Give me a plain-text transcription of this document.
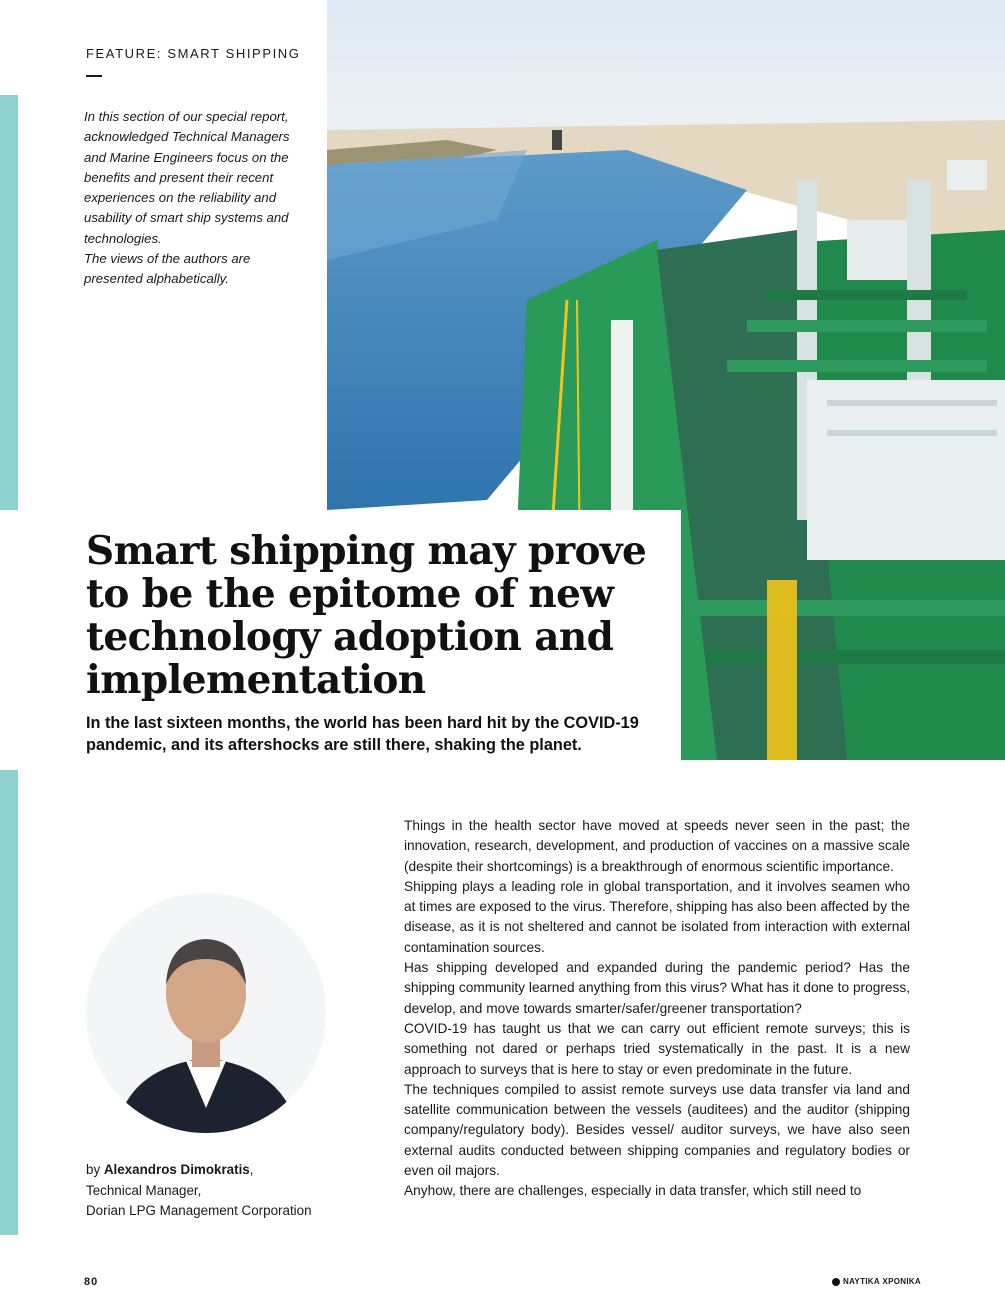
FEATURE: SMART SHIPPING

In this section of our special report, acknowledged Technical Managers and Marine Engineers focus on the benefits and present their recent experiences on the reliability and usability of smart ship systems and technologies.

The views of the authors are presented alphabetically.

Smart shipping may prove
to be the epitome of new
technology adoption and
implementation

In the last sixteen months, the world has been hard hit by the COVID-19 pandemic, and its aftershocks are still there, shaking the planet.

by Alexandros Dimokratis,
Technical Manager,
Dorian LPG Management Corporation

Things in the health sector have moved at speeds never seen in the past; the innovation, research, development, and production of vaccines on a massive scale (despite their shortcomings) is a breakthrough of enormous scientific importance.

Shipping plays a leading role in global transportation, and it involves seamen who at times are exposed to the virus. Therefore, shipping has also been affected by the disease, as it is not sheltered and cannot be isolated from interaction with external contamination sources.

Has shipping developed and expanded during the pandemic period? Has the shipping community learned anything from this virus? What has it done to progress, develop, and move towards smarter/safer/greener transportation?

COVID-19 has taught us that we can carry out efficient remote surveys; this is something not dared or perhaps tried systematically in the past. It is a new approach to surveys that is here to stay or even predominate in the future.

The techniques compiled to assist remote surveys use data transfer via land and satellite communication between the vessels (auditees) and the auditor (shipping company/regulatory body). Besides vessel/ auditor surveys, we have also seen external audits conducted between shipping companies and regulatory bodies or even oil majors.

Anyhow, there are challenges, especially in data transfer, which still need to

80	ΝΑΥΤΙΚΑ ΧΡΟΝΙΚΑ
